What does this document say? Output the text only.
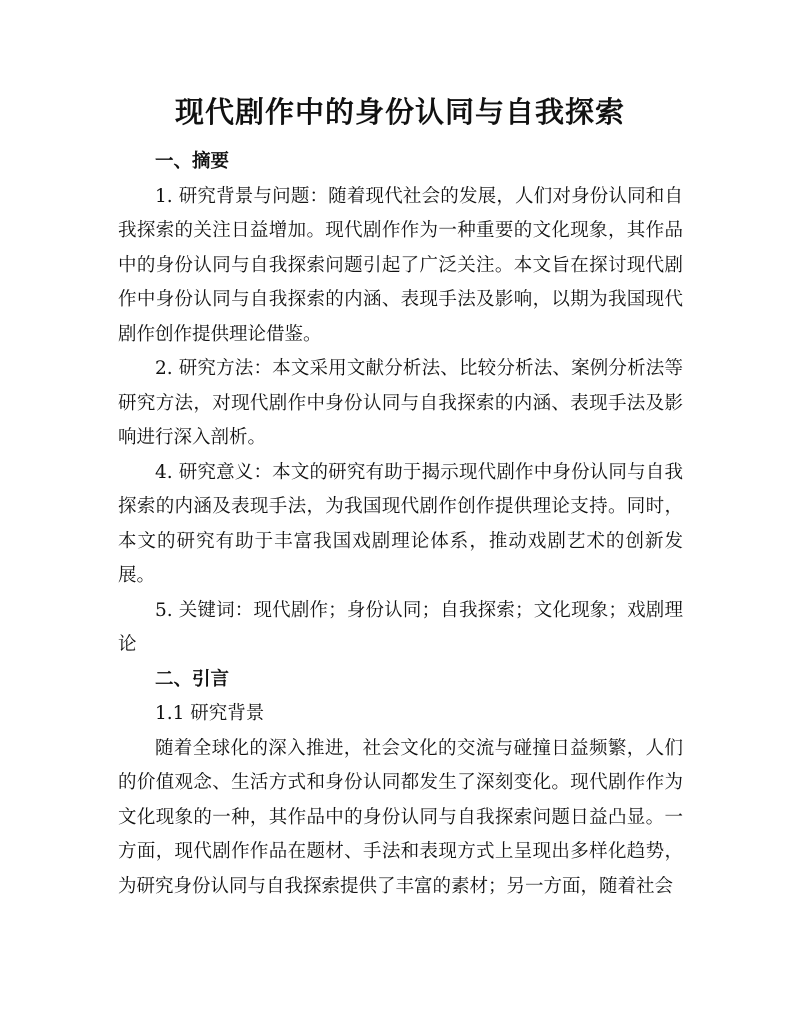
现代剧作中的身份认同与自我探索

一、摘要

1. 研究背景与问题：随着现代社会的发展，人们对身份认同和自我探索的关注日益增加。现代剧作作为一种重要的文化现象，其作品中的身份认同与自我探索问题引起了广泛关注。本文旨在探讨现代剧作中身份认同与自我探索的内涵、表现手法及影响，以期为我国现代剧作创作提供理论借鉴。

2. 研究方法：本文采用文献分析法、比较分析法、案例分析法等研究方法，对现代剧作中身份认同与自我探索的内涵、表现手法及影响进行深入剖析。

4. 研究意义：本文的研究有助于揭示现代剧作中身份认同与自我探索的内涵及表现手法，为我国现代剧作创作提供理论支持。同时，本文的研究有助于丰富我国戏剧理论体系，推动戏剧艺术的创新发展。

5. 关键词：现代剧作；身份认同；自我探索；文化现象；戏剧理论

二、引言

1.1 研究背景

随着全球化的深入推进，社会文化的交流与碰撞日益频繁，人们的价值观念、生活方式和身份认同都发生了深刻变化。现代剧作作为文化现象的一种，其作品中的身份认同与自我探索问题日益凸显。一方面，现代剧作作品在题材、手法和表现方式上呈现出多样化趋势，为研究身份认同与自我探索提供了丰富的素材；另一方面，随着社会
